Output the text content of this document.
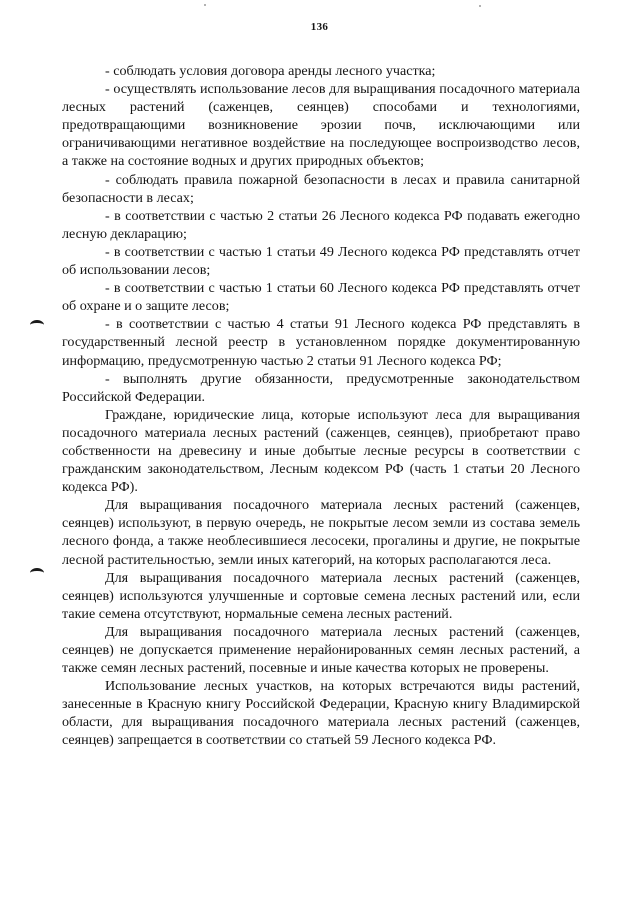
136

- соблюдать условия договора аренды лесного участка;

- осуществлять использование лесов для выращивания посадочного материала лесных растений (саженцев, сеянцев) способами и технологиями, предотвращающими возникновение эрозии почв, исключающими или ограничивающими негативное воздействие на последующее воспроизводство лесов, а также на состояние водных и других природных объектов;

- соблюдать правила пожарной безопасности в лесах и правила санитарной безопасности в лесах;

- в соответствии с частью 2 статьи 26 Лесного кодекса РФ подавать ежегодно лесную декларацию;

- в соответствии с частью 1 статьи 49 Лесного кодекса РФ представлять отчет об использовании лесов;

- в соответствии с частью 1 статьи 60 Лесного кодекса РФ представлять отчет об охране и о защите лесов;

- в соответствии с частью 4 статьи 91 Лесного кодекса РФ представлять в государственный лесной реестр в установленном порядке документированную информацию, предусмотренную частью 2 статьи 91 Лесного кодекса РФ;

- выполнять другие обязанности, предусмотренные законодательством Российской Федерации.

Граждане, юридические лица, которые используют леса для выращивания посадочного материала лесных растений (саженцев, сеянцев), приобретают право собственности на древесину и иные добытые лесные ресурсы в соответствии с гражданским законодательством, Лесным кодексом РФ (часть 1 статьи 20 Лесного кодекса РФ).

Для выращивания посадочного материала лесных растений (саженцев, сеянцев) используют, в первую очередь, не покрытые лесом земли из состава земель лесного фонда, а также необлесившиеся лесосеки, прогалины и другие, не покрытые лесной растительностью, земли иных категорий, на которых располагаются леса.

Для выращивания посадочного материала лесных растений (саженцев, сеянцев) используются улучшенные и сортовые семена лесных растений или, если такие семена отсутствуют, нормальные семена лесных растений.

Для выращивания посадочного материала лесных растений (саженцев, сеянцев) не допускается применение нерайонированных семян лесных растений, а также семян лесных растений, посевные и иные качества которых не проверены.

Использование лесных участков, на которых встречаются виды растений, занесенные в Красную книгу Российской Федерации, Красную книгу Владимирской области, для выращивания посадочного материала лесных растений (саженцев, сеянцев) запрещается в соответствии со статьей 59 Лесного кодекса РФ.
